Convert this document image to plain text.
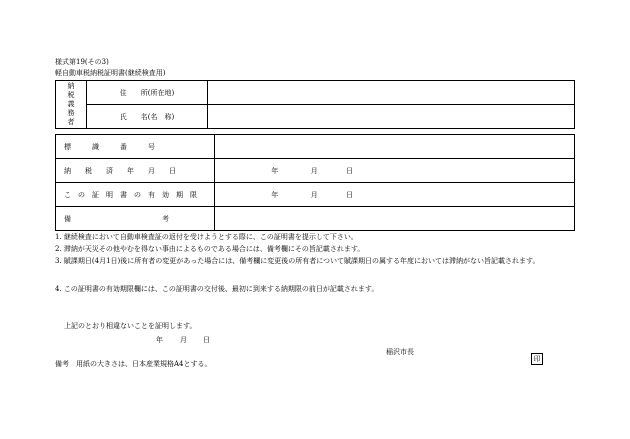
様式第19(その3)
軽自動車税納税証明書(継続検査用)
納税義務者	住　　所(所在地)	
	氏　　名(名　称)	
標　　　識　　　番　　　号	
納　　税　　済　　年　　月　　日	年 月 日
こ　の　証　明　書　の　有　効　期　限	年 月 日
備　　　　　　　　　　　　　考	
1. 継続検査において自動車検査証の返付を受けようとする際に、この証明書を提示して下さい。
2. 滞納が天災その他やむを得ない事由によるものである場合には、備考欄にその旨記載されます。
3. 賦課期日(4月1日)後に所有者の変更があった場合には、備考欄に変更後の所有者について賦課期日の属する年度においては滞納がない旨記載されます。
4. この証明書の有効期限欄には、この証明書の交付後、最初に到来する納期限の前日が記載されます。
上記のとおり相違ないことを証明します。
年 月 日
稲沢市長
印
備考　用紙の大きさは、日本産業規格A4とする。
